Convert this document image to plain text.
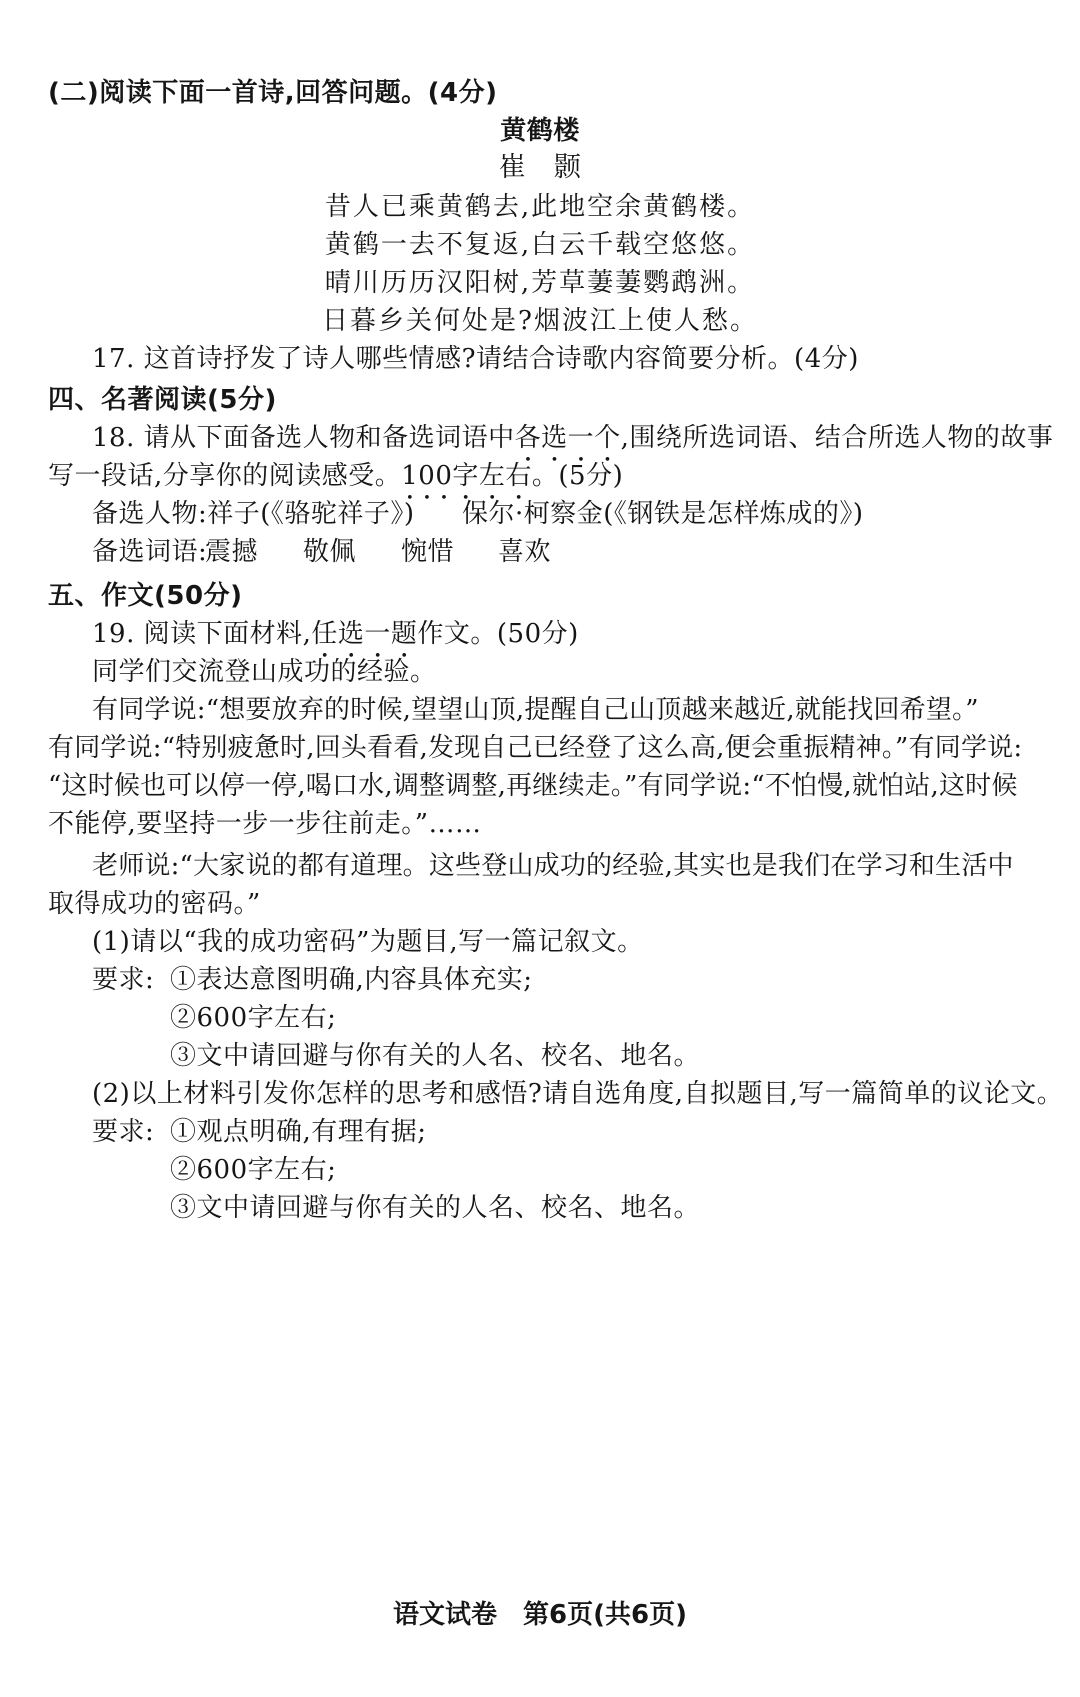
(二)阅读下面一首诗,回答问题。(4分)
黄鹤楼
崔　颢
昔人已乘黄鹤去,此地空余黄鹤楼。
黄鹤一去不复返,白云千载空悠悠。
晴川历历汉阳树,芳草萋萋鹦鹉洲。
日暮乡关何处是?烟波江上使人愁。
17. 这首诗抒发了诗人哪些情感?请结合诗歌内容简要分析。(4分)
四、名著阅读(5分)
18. 请从下面备选人物和备选词语中各选一个,围绕所选词语、结合所选人物的故事
写一段话,分享你的阅读感受。100字左右。(5分)
备选人物:祥子(《骆驼祥子》) 保尔·柯察金(《钢铁是怎样炼成的》)
备选词语:
震撼 敬佩 惋惜 喜欢
五、作文(50分)
19. 阅读下面材料,任选一题作文。(50分)
同学们交流登山成功的经验。
有同学说:“想要放弃的时候,望望山顶,提醒自己山顶越来越近,就能找回希望。”
有同学说:“特别疲惫时,回头看看,发现自己已经登了这么高,便会重振精神。”有同学说:
“这时候也可以停一停,喝口水,调整调整,再继续走。”有同学说:“不怕慢,就怕站,这时候
不能停,要坚持一步一步往前走。”……
老师说:“大家说的都有道理。这些登山成功的经验,其实也是我们在学习和生活中
取得成功的密码。”
(1)请以“我的成功密码”为题目,写一篇记叙文。
要求: ①表达意图明确,内容具体充实;
②600字左右;
③文中请回避与你有关的人名、校名、地名。
(2)以上材料引发你怎样的思考和感悟?请自选角度,自拟题目,写一篇简单的议论文。
要求: ①观点明确,有理有据;
②600字左右;
③文中请回避与你有关的人名、校名、地名。
语文试卷　第6页(共6页)
